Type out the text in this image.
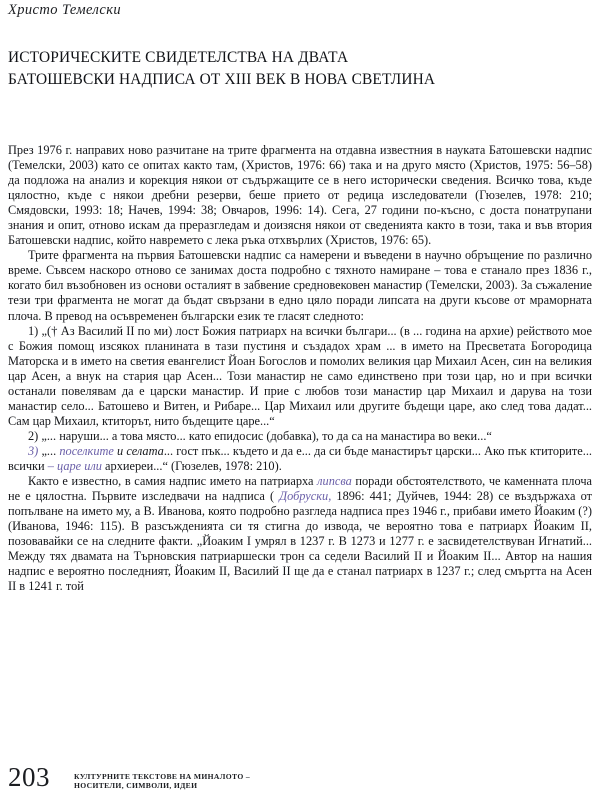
Христо Темелски
ИСТОРИЧЕСКИТЕ СВИДЕТЕЛСТВА НА ДВАТА
БАТОШЕВСКИ НАДПИСА ОТ XIII ВЕК В НОВА СВЕТЛИНА

През 1976 г. направих ново разчитане на трите фрагмента на отдавна известния в науката Батошевски надпис (Темелски, 2003) като се опитах както там, (Христов, 1976: 66) така и на друго място (Христов, 1975: 56–58) да подложа на анализ и корекция някои от съдържащите се в него исторически сведения. Всичко това, къде цялостно, къде с някои дребни резерви, беше прието от редица изследователи (Гюзелев, 1978: 210; Смядовски, 1993: 18; Начев, 1994: 38; Овчаров, 1996: 14). Сега, 27 години по-късно, с доста понатрупани знания и опит, отново искам да преразгледам и доизясня някои от сведенията както в този, така и във втория Батошевски надпис, който навремето с лека ръка отхвърлих (Христов, 1976: 65).

Трите фрагмента на първия Батошевски надпис са намерени и въведени в научно обръщение по различно време. Съвсем наскоро отново се занимах доста подробно с тяхното намиране – това е станало през 1836 г., когато бил възобновен из основи осталият в забвение средновековен манастир (Темелски, 2003). За съжаление тези три фрагмента не могат да бъдат свързани в едно цяло поради липсата на други късове от мраморната плоча. В превод на осъвременен български език те гласят следното:

1) „(† Аз Василий II по ми) лост Божия патриарх на всички българи... (в ... година на архие) рейството мое с Божия помощ изсякох планината в тази пустиня и създадох храм ... в името на Пресветата Богородица Маторска и в името на светия евангелист Йоан Богослов и помолих великия цар Михаил Асен, син на великия цар Асен, а внук на стария цар Асен... Този манастир не само единствено при този цар, но и при всички останали повелявам да е царски манастир. И прие с любов този манастир цар Михаил и дарува на този манастир село... Батошево и Витен, и Рибаре... Цар Михаил или другите бъдещи царе, ако след това дадат... Сам цар Михаил, ктиторът, нито бъдещите царе...“

2) „... наруши... а това място... като епидосис (добавка), то да са на манастира во веки...“

3) „... поселките и селата... гост пък... където и да е... да си бъде манастирът царски... Ако пък ктиторите... всички – царе или архиереи...“ (Гюзелев, 1978: 210).

Както е известно, в самия надпис името на патриарха липсва поради обстоятелството, че каменната плоча не е цялостна. Първите изследвачи на надписа ( Добруски, 1896: 441; Дуйчев, 1944: 28) се въздържаха от попълване на името му, а В. Иванова, която подробно разгледа надписа през 1946 г., прибави името Йоаким (?) (Иванова, 1946: 115). В разсъжденията си тя стигна до извода, че вероятно това е патриарх Йоаким II, позовавайки се на следните факти. „Йоаким I умрял в 1237 г. В 1273 и 1277 г. е засвидетелствуван Игнатий... Между тях двамата на Търновския патриаршески трон са седели Василий II и Йоаким II... Автор на нашия надпис е вероятно последният, Йоаким II, Василий II ще да е станал патриарх в 1237 г.; след смъртта на Асен II в 1241 г. той

203	КУЛТУРНИТЕ ТЕКСТОВЕ НА МИНАЛОТО –
НОСИТЕЛИ, СИМВОЛИ, ИДЕИ
